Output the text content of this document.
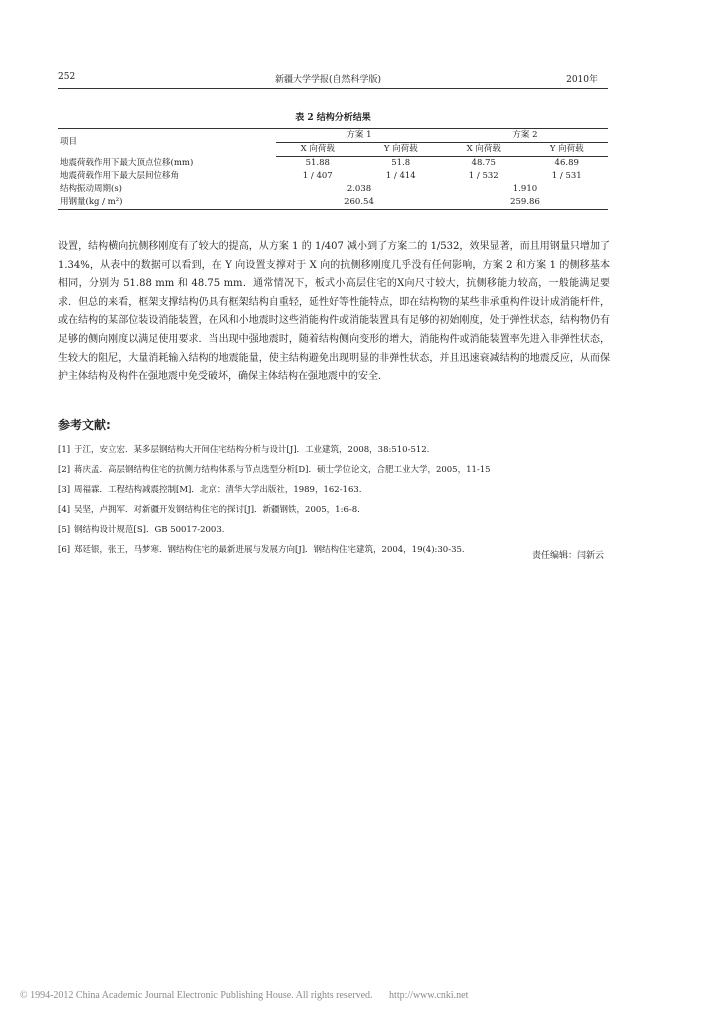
252	新疆大学学报(自然科学版)	2010年
表 2 结构分析结果
项目	方案 1		方案 2	
	X 向荷载	Y 向荷载	X 向荷载	Y 向荷载
地震荷载作用下最大顶点位移(mm)	51.88	51.8	48.75	46.89
地震荷载作用下最大层间位移角	1 / 407	1 / 414	1 / 532	1 / 531
结构振动周期(s)	2.038		1.910	
用钢量(kg / m²)	260.54		259.86	

设置，结构横向抗侧移刚度有了较大的提高，从方案 1 的 1/407 减小到了方案二的 1/532，效果显著，而且用钢量只增加了 1.34%，从表中的数据可以看到，在 Y 向设置支撑对于 X 向的抗侧移刚度几乎没有任何影响，方案 2 和方案 1 的侧移基本相同，分别为 51.88 mm 和 48.75 mm．通常情况下，板式小高层住宅的X向尺寸较大，抗侧移能力较高，一般能满足要求．但总的来看，框架支撑结构仍具有框架结构自重轻，延性好等性能特点，即在结构物的某些非承重构件设计成消能杆件，或在结构的某部位装设消能装置，在风和小地震时这些消能构件或消能装置具有足够的初始刚度，处于弹性状态，结构物仍有足够的侧向刚度以满足使用要求．当出现中强地震时，随着结构侧向变形的增大，消能构件或消能装置率先进入非弹性状态，生较大的阻尼，大量消耗输入结构的地震能量，使主结构避免出现明显的非弹性状态，并且迅速衰减结构的地震反应，从而保护主体结构及构件在强地震中免受破坏，确保主体结构在强地震中的安全．

参考文献:
[1] 于江，安立宏．某多层钢结构大开间住宅结构分析与设计[J]．工业建筑，2008，38:510-512.
[2] 蒋庆孟．高层钢结构住宅的抗侧力结构体系与节点选型分析[D]．硕士学位论文，合肥工业大学，2005，11-15
[3] 周福霖．工程结构减震控制[M]．北京：清华大学出版社，1989，162-163.
[4] 吴坚，卢拥军．对新疆开发钢结构住宅的探讨[J]．新疆钢铁，2005，1:6-8.
[5] 钢结构设计规范[S]．GB 50017-2003.
[6] 郑廷银，张王，马梦寒．钢结构住宅的最新进展与发展方向[J]．钢结构住宅建筑，2004，19(4):30-35.
责任编辑：闫新云
© 1994-2012 China Academic Journal Electronic Publishing House. All rights reserved. http://www.cnki.net
